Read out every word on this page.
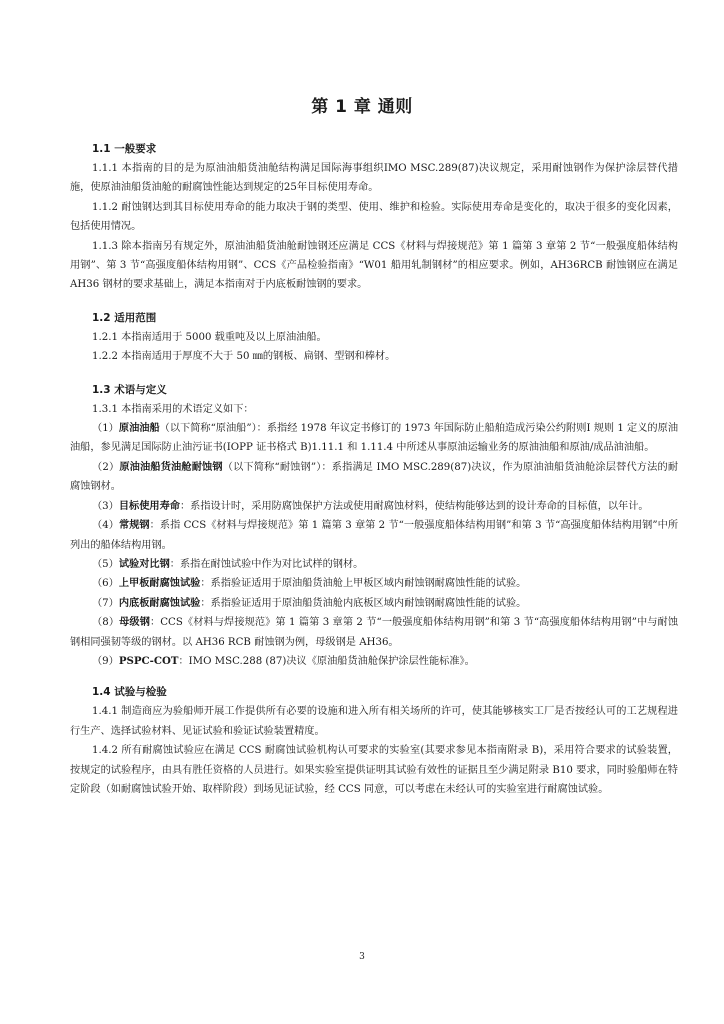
第 1 章 通则
1.1 一般要求

1.1.1 本指南的目的是为原油油船货油舱结构满足国际海事组织IMO MSC.289(87)决议规定，采用耐蚀钢作为保护涂层替代措施，使原油油船货油舱的耐腐蚀性能达到规定的25年目标使用寿命。

1.1.2 耐蚀钢达到其目标使用寿命的能力取决于钢的类型、使用、维护和检验。实际使用寿命是变化的，取决于很多的变化因素，包括使用情况。

1.1.3 除本指南另有规定外，原油油船货油舱耐蚀钢还应满足 CCS《材料与焊接规范》第 1 篇第 3 章第 2 节“一般强度船体结构用钢”、第 3 节“高强度船体结构用钢”、CCS《产品检验指南》“W01 船用轧制钢材”的相应要求。例如，AH36RCB 耐蚀钢应在满足 AH36 钢材的要求基础上，满足本指南对于内底板耐蚀钢的要求。

1.2 适用范围

1.2.1 本指南适用于 5000 载重吨及以上原油油船。

1.2.2 本指南适用于厚度不大于 50 ㎜的钢板、扁钢、型钢和棒材。

1.3 术语与定义

1.3.1 本指南采用的术语定义如下：

（1）原油油船（以下简称“原油船”）：系指经 1978 年议定书修订的 1973 年国际防止船舶造成污染公约附则Ⅰ 规则 1 定义的原油油船，参见满足国际防止油污证书(IOPP 证书格式 B)1.11.1 和 1.11.4 中所述从事原油运输业务的原油油船和原油/成品油油船。

（2）原油油船货油舱耐蚀钢（以下简称“耐蚀钢”）：系指满足 IMO MSC.289(87)决议，作为原油油船货油舱涂层替代方法的耐腐蚀钢材。

（3）目标使用寿命：系指设计时，采用防腐蚀保护方法或使用耐腐蚀材料，使结构能够达到的设计寿命的目标值，以年计。

（4）常规钢：系指 CCS《材料与焊接规范》第 1 篇第 3 章第 2 节“一般强度船体结构用钢”和第 3 节“高强度船体结构用钢”中所列出的船体结构用钢。

（5）试验对比钢：系指在耐蚀试验中作为对比试样的钢材。

（6）上甲板耐腐蚀试验：系指验证适用于原油船货油舱上甲板区域内耐蚀钢耐腐蚀性能的试验。

（7）内底板耐腐蚀试验：系指验证适用于原油船货油舱内底板区域内耐蚀钢耐腐蚀性能的试验。

（8）母级钢：CCS《材料与焊接规范》第 1 篇第 3 章第 2 节“一般强度船体结构用钢”和第 3 节“高强度船体结构用钢”中与耐蚀钢相同强韧等级的钢材。以 AH36 RCB 耐蚀钢为例，母级钢是 AH36。

（9）PSPC-COT：IMO MSC.288 (87)决议《原油船货油舱保护涂层性能标准》。

1.4 试验与检验

1.4.1 制造商应为验船师开展工作提供所有必要的设施和进入所有相关场所的许可，使其能够核实工厂是否按经认可的工艺规程进行生产、选择试验材料、见证试验和验证试验装置精度。

1.4.2 所有耐腐蚀试验应在满足 CCS 耐腐蚀试验机构认可要求的实验室(其要求参见本指南附录 B)，采用符合要求的试验装置，按规定的试验程序，由具有胜任资格的人员进行。如果实验室提供证明其试验有效性的证据且至少满足附录 B10 要求，同时验船师在特定阶段（如耐腐蚀试验开始、取样阶段）到场见证试验，经 CCS 同意，可以考虑在未经认可的实验室进行耐腐蚀试验。

3
